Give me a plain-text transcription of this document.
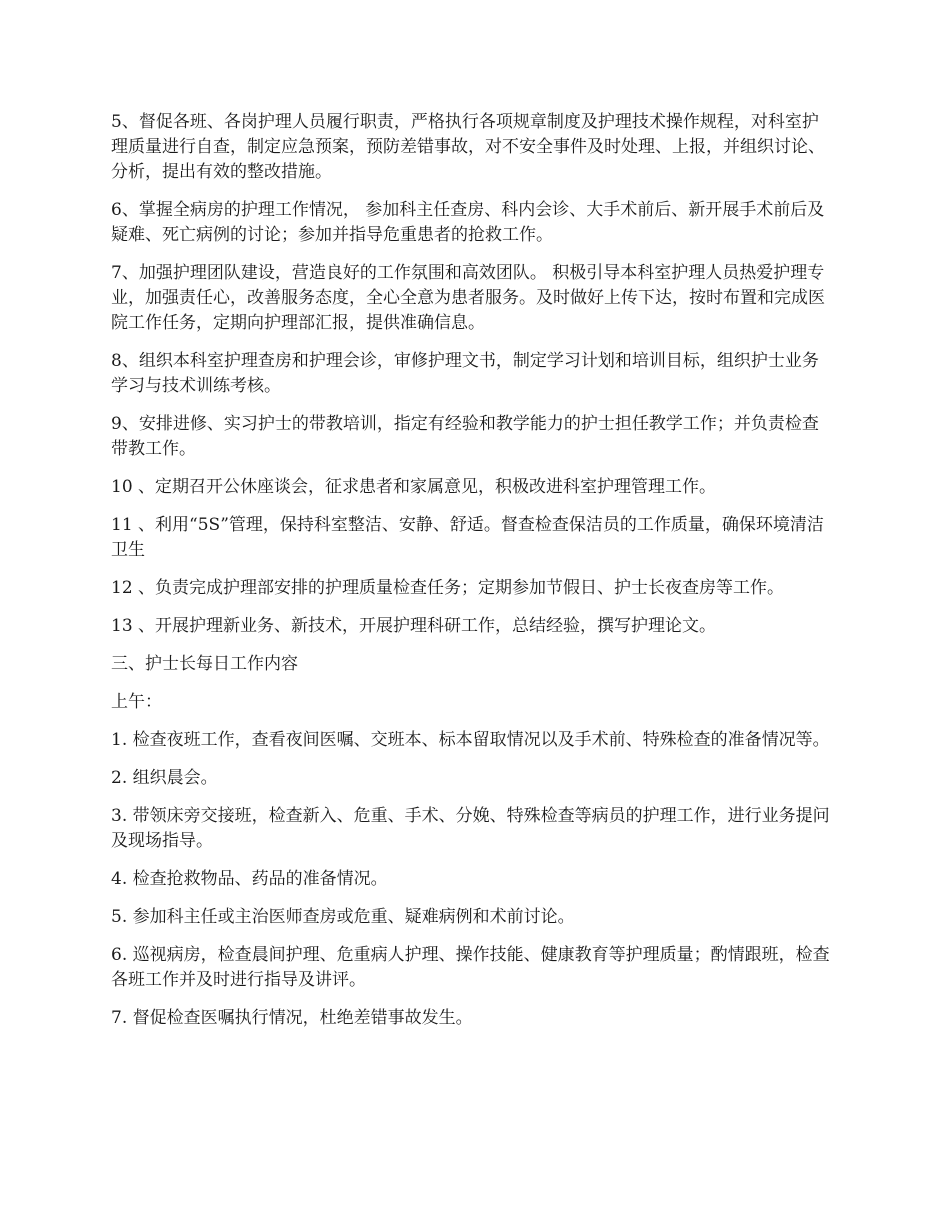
5、督促各班、各岗护理人员履行职责，严格执行各项规章制度及护理技术操作规程，对科室护理质量进行自查，制定应急预案，预防差错事故，对不安全事件及时处理、上报，并组织讨论、分析，提出有效的整改措施。

6、掌握全病房的护理工作情况， 参加科主任查房、科内会诊、大手术前后、新开展手术前后及疑难、死亡病例的讨论；参加并指导危重患者的抢救工作。

7、加强护理团队建设，营造良好的工作氛围和高效团队。 积极引导本科室护理人员热爱护理专业，加强责任心，改善服务态度，全心全意为患者服务。及时做好上传下达，按时布置和完成医院工作任务，定期向护理部汇报，提供准确信息。

8、组织本科室护理查房和护理会诊，审修护理文书，制定学习计划和培训目标，组织护士业务学习与技术训练考核。

9、安排进修、实习护士的带教培训，指定有经验和教学能力的护士担任教学工作；并负责检查带教工作。

10 、定期召开公休座谈会，征求患者和家属意见，积极改进科室护理管理工作。

11 、利用“5S”管理，保持科室整洁、安静、舒适。督查检查保洁员的工作质量，确保环境清洁卫生

12 、负责完成护理部安排的护理质量检查任务；定期参加节假日、护士长夜查房等工作。

13 、开展护理新业务、新技术，开展护理科研工作，总结经验，撰写护理论文。

三、护士长每日工作内容

上午：

1. 检查夜班工作，查看夜间医嘱、交班本、标本留取情况以及手术前、特殊检查的准备情况等。

2. 组织晨会。

3. 带领床旁交接班，检查新入、危重、手术、分娩、特殊检查等病员的护理工作，进行业务提问及现场指导。

4. 检查抢救物品、药品的准备情况。

5. 参加科主任或主治医师查房或危重、疑难病例和术前讨论。

6. 巡视病房，检查晨间护理、危重病人护理、操作技能、健康教育等护理质量；酌情跟班，检查各班工作并及时进行指导及讲评。

7. 督促检查医嘱执行情况，杜绝差错事故发生。
